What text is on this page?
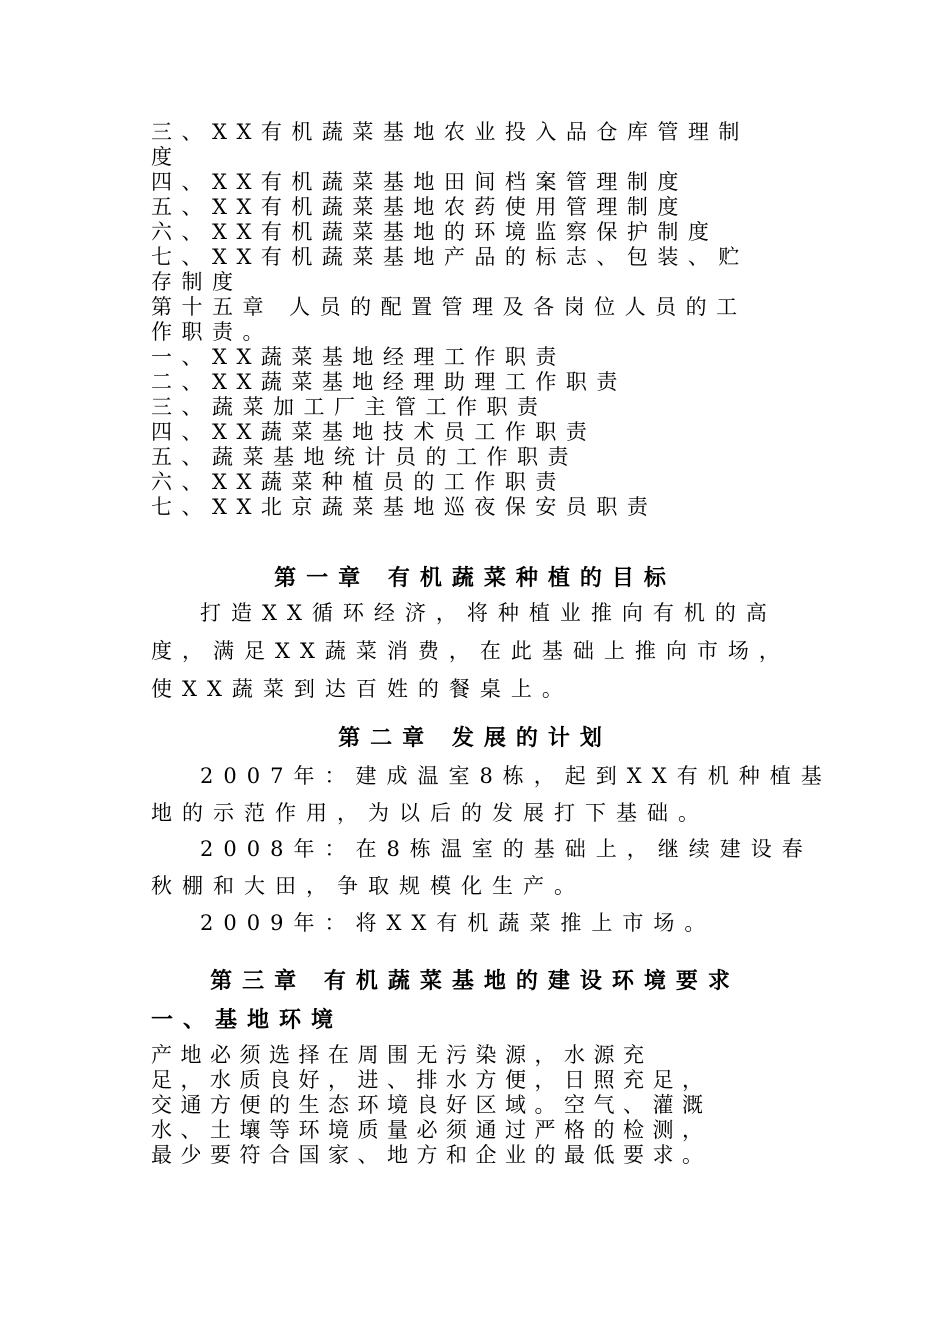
三、XX有机蔬菜基地农业投入品仓库管理制
度
四、XX有机蔬菜基地田间档案管理制度
五、XX有机蔬菜基地农药使用管理制度
六、XX有机蔬菜基地的环境监察保护制度
七、XX有机蔬菜基地产品的标志、包装、贮
存制度
第十五章 人员的配置管理及各岗位人员的工
作职责。
一、XX蔬菜基地经理工作职责
二、XX蔬菜基地经理助理工作职责
三、蔬菜加工厂主管工作职责
四、XX蔬菜基地技术员工作职责
五、蔬菜基地统计员的工作职责
六、XX蔬菜种植员的工作职责
七、XX北京蔬菜基地巡夜保安员职责
第一章 有机蔬菜种植的目标
打造XX循环经济，将种植业推向有机的高
度，满足XX蔬菜消费，在此基础上推向市场，
使XX蔬菜到达百姓的餐桌上。
第二章 发展的计划
2007年：建成温室8栋，起到XX有机种植基
地的示范作用，为以后的发展打下基础。
2008年：在8栋温室的基础上，继续建设春
秋棚和大田，争取规模化生产。
2009年：将XX有机蔬菜推上市场。
第三章 有机蔬菜基地的建设环境要求
一、基地环境
产地必须选择在周围无污染源，水源充
足，水质良好，进、排水方便，日照充足，
交通方便的生态环境良好区域。空气、灌溉
水、土壤等环境质量必须通过严格的检测，
最少要符合国家、地方和企业的最低要求。
